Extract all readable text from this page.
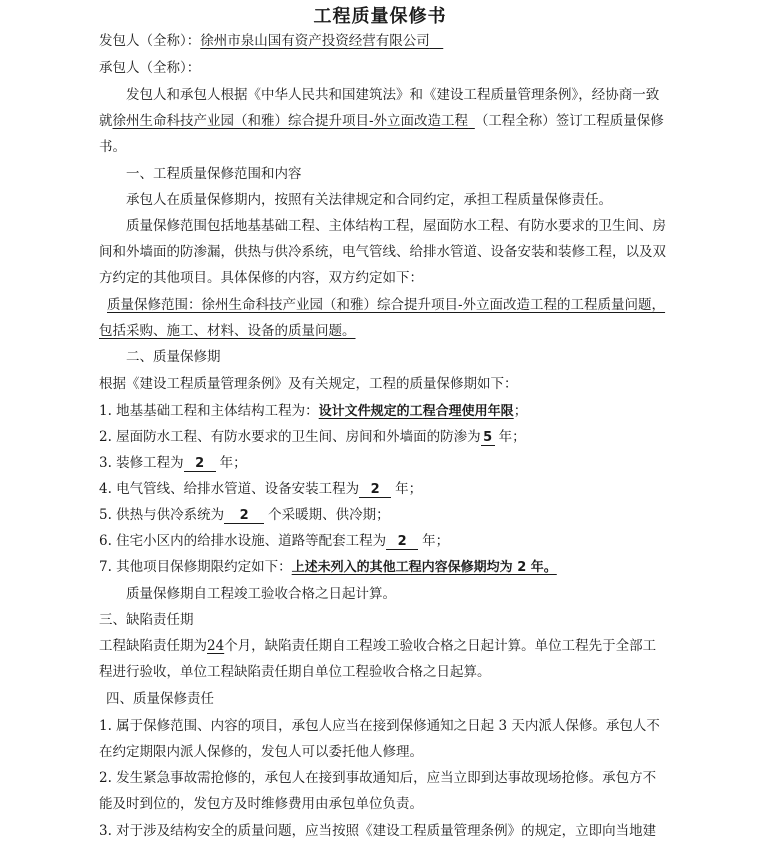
工程质量保修书
发包人（全称）：徐州市泉山国有资产投资经营有限公司 
承包人（全称）：
发包人和承包人根据《中华人民共和国建筑法》和《建设工程质量管理条例》，经协商一致
就徐州生命科技产业园（和雅）综合提升项目-外立面改造工程  （工程全称）签订工程质量保修
书。
一、工程质量保修范围和内容
承包人在质量保修期内，按照有关法律规定和合同约定，承担工程质量保修责任。
质量保修范围包括地基基础工程、主体结构工程，屋面防水工程、有防水要求的卫生间、房
间和外墙面的防渗漏，供热与供冷系统，电气管线、给排水管道、设备安装和装修工程，以及双
方约定的其他项目。具体保修的内容，双方约定如下：
质量保修范围：徐州生命科技产业园（和雅）综合提升项目-外立面改造工程的工程质量问题，
包括采购、施工、材料、设备的质量问题。
二、质量保修期
根据《建设工程质量管理条例》及有关规定，工程的质量保修期如下：
1. 地基基础工程和主体结构工程为：设计文件规定的工程合理使用年限；
2. 屋面防水工程、有防水要求的卫生间、房间和外墙面的防渗为 5 年；
3. 装修工程为 2 年；
4. 电气管线、给排水管道、设备安装工程为 2 年；
5. 供热与供冷系统为 2 个采暖期、供冷期；
6. 住宅小区内的给排水设施、道路等配套工程为 2 年；
7. 其他项目保修期限约定如下：上述未列入的其他工程内容保修期均为 2 年。
质量保修期自工程竣工验收合格之日起计算。
三、缺陷责任期
工程缺陷责任期为24个月，缺陷责任期自工程竣工验收合格之日起计算。单位工程先于全部工
程进行验收，单位工程缺陷责任期自单位工程验收合格之日起算。
四、质量保修责任
1. 属于保修范围、内容的项目，承包人应当在接到保修通知之日起 3 天内派人保修。承包人不
在约定期限内派人保修的，发包人可以委托他人修理。
2. 发生紧急事故需抢修的，承包人在接到事故通知后，应当立即到达事故现场抢修。承包方不
能及时到位的，发包方及时维修费用由承包单位负责。
3. 对于涉及结构安全的质量问题，应当按照《建设工程质量管理条例》的规定，立即向当地建
